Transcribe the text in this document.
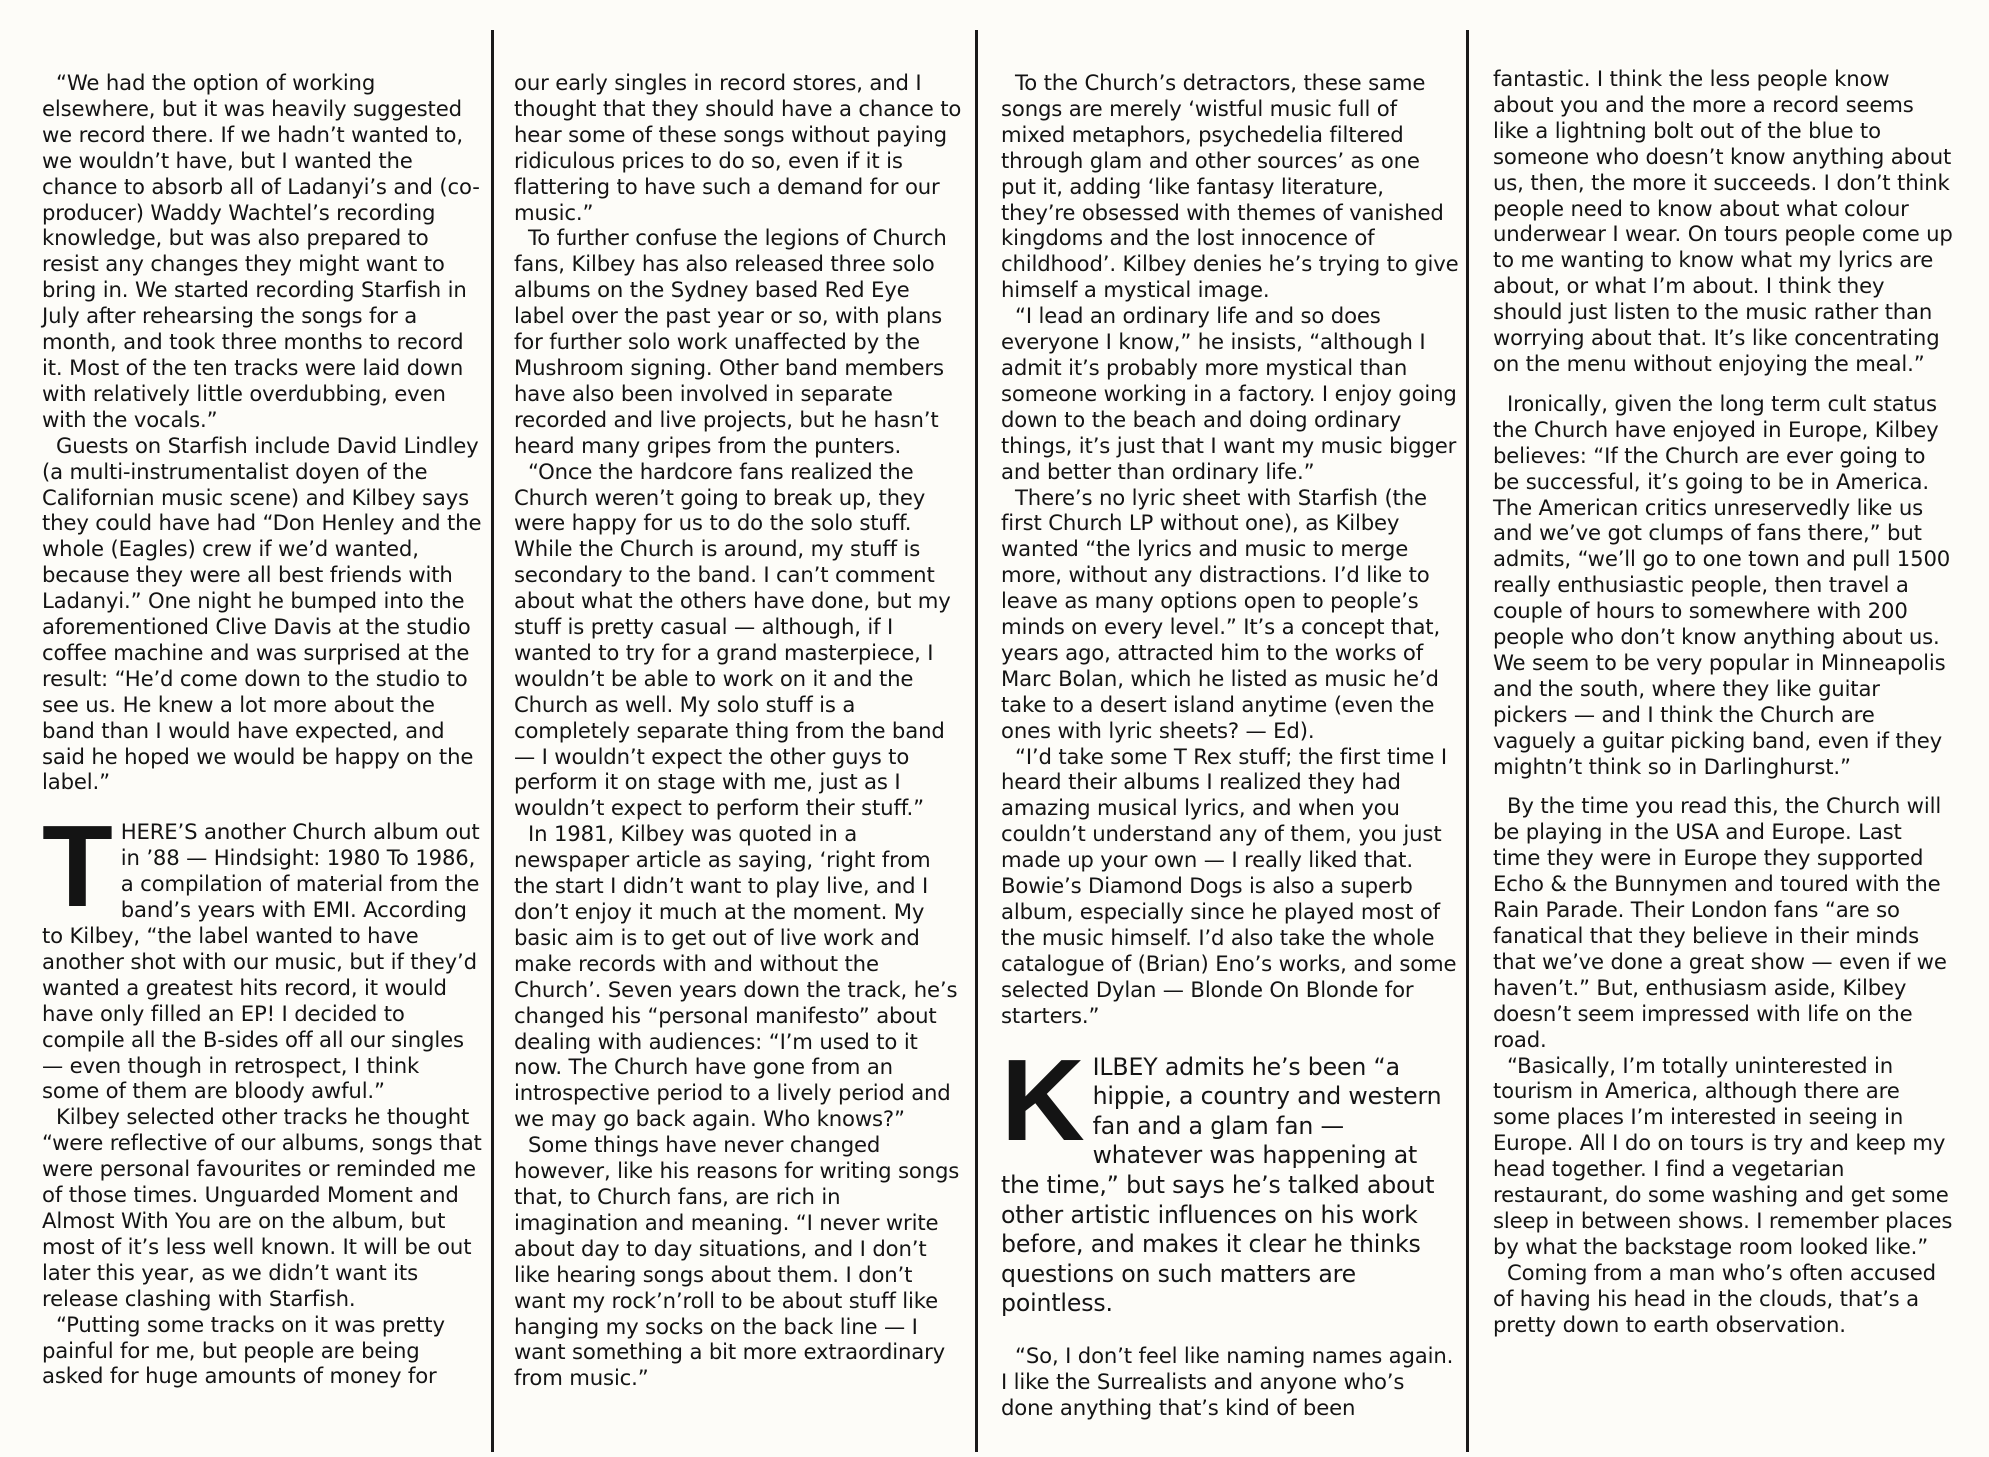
“We had the option of working elsewhere, but it was heavily suggested we record there. If we hadn’t wanted to, we wouldn’t have, but I wanted the chance to absorb all of Ladanyi’s and (co-producer) Waddy Wachtel’s recording knowledge, but was also prepared to resist any changes they might want to bring in. We started recording Starfish in July after rehearsing the songs for a month, and took three months to record it. Most of the ten tracks were laid down with relatively little overdubbing, even with the vocals.”

Guests on Starfish include David Lindley (a multi-instrumentalist doyen of the Californian music scene) and Kilbey says they could have had “Don Henley and the whole (Eagles) crew if we’d wanted, because they were all best friends with Ladanyi.” One night he bumped into the aforementioned Clive Davis at the studio coffee machine and was surprised at the result: “He’d come down to the studio to see us. He knew a lot more about the band than I would have expected, and said he hoped we would be happy on the label.”

THERE’S another Church album out in ’88 — Hindsight: 1980 To 1986, a compilation of material from the band’s years with EMI. According to Kilbey, “the label wanted to have another shot with our music, but if they’d wanted a greatest hits record, it would have only filled an EP! I decided to compile all the B-sides off all our singles — even though in retrospect, I think some of them are bloody awful.”

Kilbey selected other tracks he thought “were reflective of our albums, songs that were personal favourites or reminded me of those times. Unguarded Moment and Almost With You are on the album, but most of it’s less well known. It will be out later this year, as we didn’t want its release clashing with Starfish.

“Putting some tracks on it was pretty painful for me, but people are being asked for huge amounts of money for

our early singles in record stores, and I thought that they should have a chance to hear some of these songs without paying ridiculous prices to do so, even if it is flattering to have such a demand for our music.”

To further confuse the legions of Church fans, Kilbey has also released three solo albums on the Sydney based Red Eye label over the past year or so, with plans for further solo work unaffected by the Mushroom signing. Other band members have also been involved in separate recorded and live projects, but he hasn’t heard many gripes from the punters.

“Once the hardcore fans realized the Church weren’t going to break up, they were happy for us to do the solo stuff. While the Church is around, my stuff is secondary to the band. I can’t comment about what the others have done, but my stuff is pretty casual — although, if I wanted to try for a grand masterpiece, I wouldn’t be able to work on it and the Church as well. My solo stuff is a completely separate thing from the band — I wouldn’t expect the other guys to perform it on stage with me, just as I wouldn’t expect to perform their stuff.”

In 1981, Kilbey was quoted in a newspaper article as saying, ‘right from the start I didn’t want to play live, and I don’t enjoy it much at the moment. My basic aim is to get out of live work and make records with and without the Church’. Seven years down the track, he’s changed his “personal manifesto” about dealing with audiences: “I’m used to it now. The Church have gone from an introspective period to a lively period and we may go back again. Who knows?”

Some things have never changed however, like his reasons for writing songs that, to Church fans, are rich in imagination and meaning. “I never write about day to day situations, and I don’t like hearing songs about them. I don’t want my rock’n’roll to be about stuff like hanging my socks on the back line — I want something a bit more extraordinary from music.”

To the Church’s detractors, these same songs are merely ‘wistful music full of mixed metaphors, psychedelia filtered through glam and other sources’ as one put it, adding ‘like fantasy literature, they’re obsessed with themes of vanished kingdoms and the lost innocence of childhood’. Kilbey denies he’s trying to give himself a mystical image.

“I lead an ordinary life and so does everyone I know,” he insists, “although I admit it’s probably more mystical than someone working in a factory. I enjoy going down to the beach and doing ordinary things, it’s just that I want my music bigger and better than ordinary life.”

There’s no lyric sheet with Starfish (the first Church LP without one), as Kilbey wanted “the lyrics and music to merge more, without any distractions. I’d like to leave as many options open to people’s minds on every level.” It’s a concept that, years ago, attracted him to the works of Marc Bolan, which he listed as music he’d take to a desert island anytime (even the ones with lyric sheets? — Ed).

“I’d take some T Rex stuff; the first time I heard their albums I realized they had amazing musical lyrics, and when you couldn’t understand any of them, you just made up your own — I really liked that. Bowie’s Diamond Dogs is also a superb album, especially since he played most of the music himself. I’d also take the whole catalogue of (Brian) Eno’s works, and some selected Dylan — Blonde On Blonde for starters.”

KILBEY admits he’s been “a hippie, a country and western fan and a glam fan — whatever was happening at the time,” but says he’s talked about other artistic influences on his work before, and makes it clear he thinks questions on such matters are pointless.

“So, I don’t feel like naming names again. I like the Surrealists and anyone who’s done anything that’s kind of been

fantastic. I think the less people know about you and the more a record seems like a lightning bolt out of the blue to someone who doesn’t know anything about us, then, the more it succeeds. I don’t think people need to know about what colour underwear I wear. On tours people come up to me wanting to know what my lyrics are about, or what I’m about. I think they should just listen to the music rather than worrying about that. It’s like concentrating on the menu without enjoying the meal.”

Ironically, given the long term cult status the Church have enjoyed in Europe, Kilbey believes: “If the Church are ever going to be successful, it’s going to be in America. The American critics unreservedly like us and we’ve got clumps of fans there,” but admits, “we’ll go to one town and pull 1500 really enthusiastic people, then travel a couple of hours to somewhere with 200 people who don’t know anything about us. We seem to be very popular in Minneapolis and the south, where they like guitar pickers — and I think the Church are vaguely a guitar picking band, even if they mightn’t think so in Darlinghurst.”

By the time you read this, the Church will be playing in the USA and Europe. Last time they were in Europe they supported Echo & the Bunnymen and toured with the Rain Parade. Their London fans “are so fanatical that they believe in their minds that we’ve done a great show — even if we haven’t.” But, enthusiasm aside, Kilbey doesn’t seem impressed with life on the road.

“Basically, I’m totally uninterested in tourism in America, although there are some places I’m interested in seeing in Europe. All I do on tours is try and keep my head together. I find a vegetarian restaurant, do some washing and get some sleep in between shows. I remember places by what the backstage room looked like.”

Coming from a man who’s often accused of having his head in the clouds, that’s a pretty down to earth observation.
